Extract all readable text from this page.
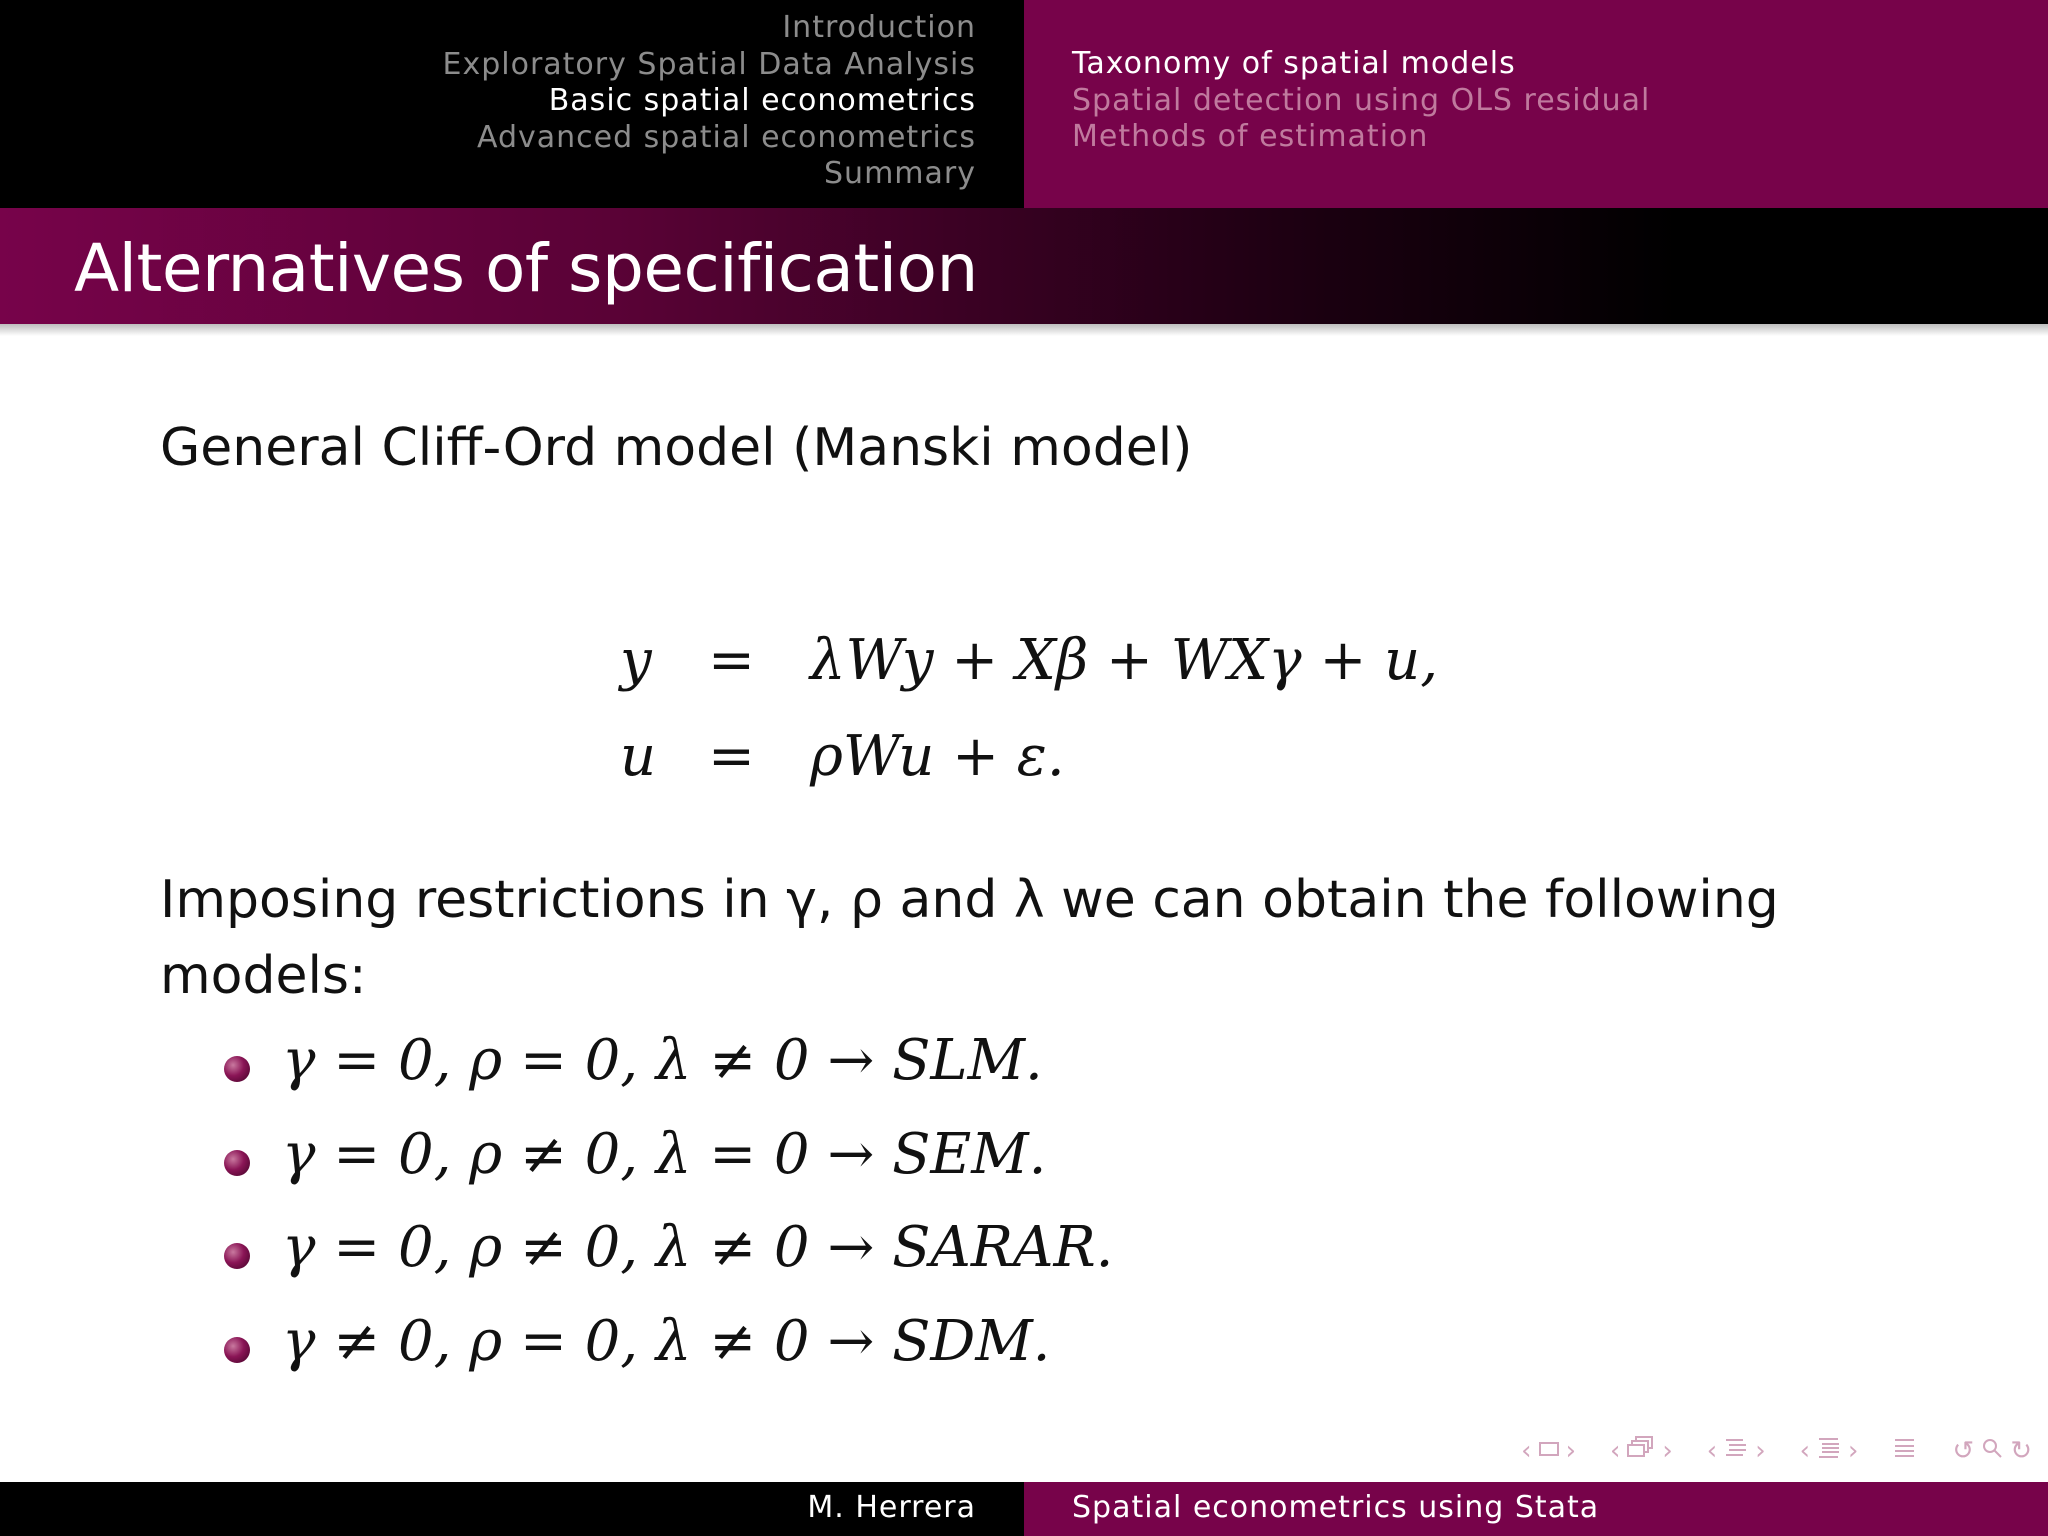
Introduction
Exploratory Spatial Data Analysis
Basic spatial econometrics
Advanced spatial econometrics
Summary
Taxonomy of spatial models
Spatial detection using OLS residual
Methods of estimation
Alternatives of specification
General Cliff-Ord model (Manski model)
y = λWy + Xβ + WXγ + u,
u = ρWu + ε.
Imposing restrictions in γ, ρ and λ we can obtain the following models:
γ = 0, ρ = 0, λ ≠ 0 → SLM.
γ = 0, ρ ≠ 0, λ = 0 → SEM.
γ = 0, ρ ≠ 0, λ ≠ 0 → SARAR.
γ ≠ 0, ρ = 0, λ ≠ 0 → SDM.
‹ › ‹ › ‹ › ‹ ›	↺ ↻
M. Herrera	Spatial econometrics using Stata
